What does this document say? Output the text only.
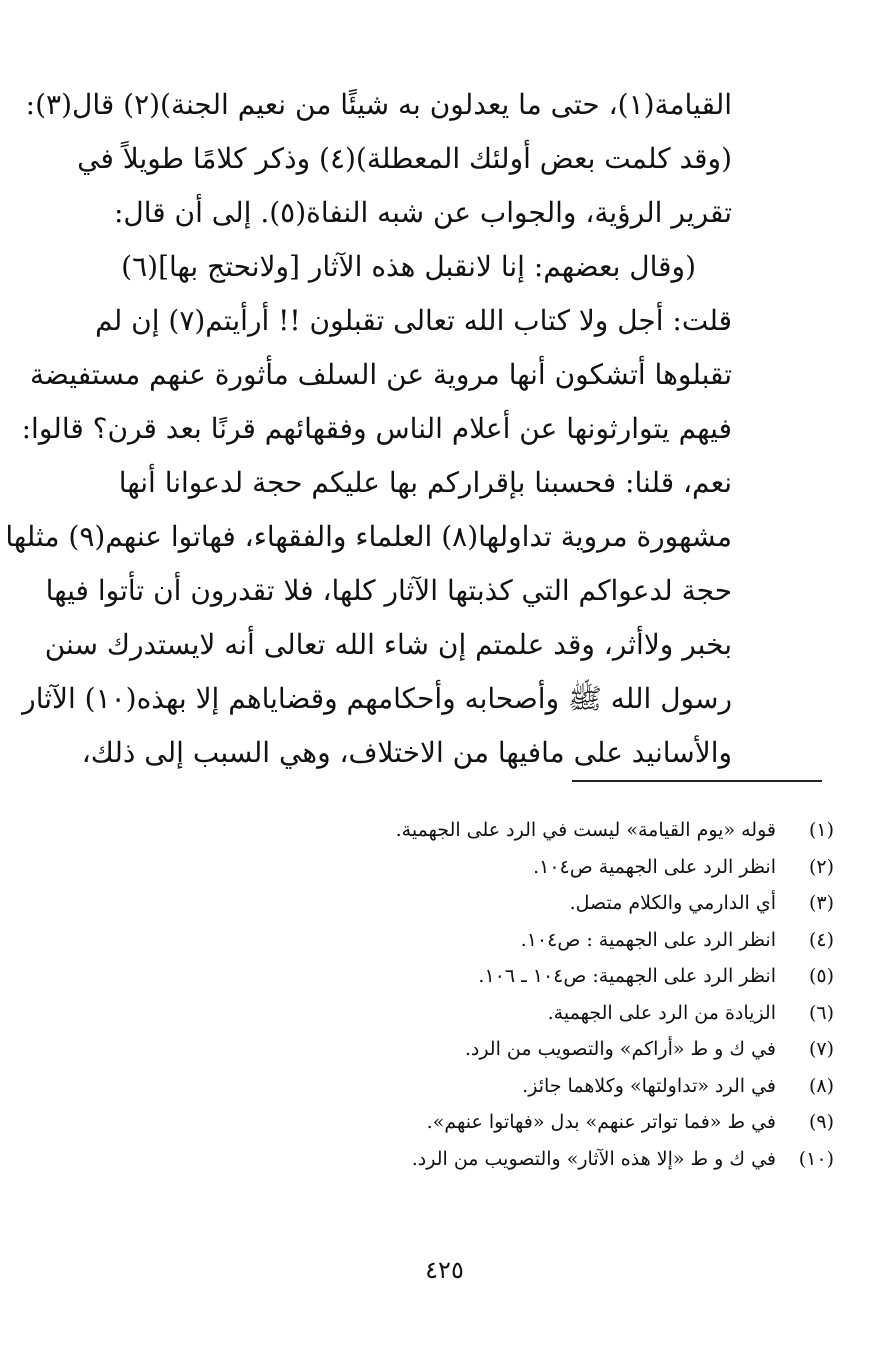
القيامة(١)، حتى ما يعدلون به شيئًا من نعيم الجنة)(٢) قال(٣):
(وقد كلمت بعض أولئك المعطلة)(٤) وذكر كلامًا طويلاً في
تقرير الرؤية، والجواب عن شبه النفاة(٥). إلى أن قال:
(وقال بعضهم: إنا لانقبل هذه الآثار [ولانحتج بها](٦)
قلت: أجل ولا كتاب الله تعالى تقبلون !! أرأيتم(٧) إن لم
تقبلوها أتشكون أنها مروية عن السلف مأثورة عنهم مستفيضة
فيهم يتوارثونها عن أعلام الناس وفقهائهم قرنًا بعد قرن؟ قالوا:
نعم، قلنا: فحسبنا بإقراركم بها عليكم حجة لدعوانا أنها
مشهورة مروية تداولها(٨) العلماء والفقهاء، فهاتوا عنهم(٩) مثلها
حجة لدعواكم التي كذبتها الآثار كلها، فلا تقدرون أن تأتوا فيها
بخبر ولاأثر، وقد علمتم إن شاء الله تعالى أنه لايستدرك سنن
رسول الله ﷺ وأصحابه وأحكامهم وقضاياهم إلا بهذه(١٠) الآثار
والأسانيد على مافيها من الاختلاف، وهي السبب إلى ذلك،
(١)
قوله «يوم القيامة» ليست في الرد على الجهمية.
(٢)
انظر الرد على الجهمية ص١٠٤.
(٣)
أي الدارمي والكلام متصل.
(٤)
انظر الرد على الجهمية : ص١٠٤.
(٥)
انظر الرد على الجهمية: ص١٠٤ ـ ١٠٦.
(٦)
الزيادة من الرد على الجهمية.
(٧)
في ك و ط «أراكم» والتصويب من الرد.
(٨)
في الرد «تداولتها» وكلاهما جائز.
(٩)
في ط «فما تواتر عنهم» بدل «فهاتوا عنهم».
(١٠)
في ك و ط «إلا هذه الآثار» والتصويب من الرد.
٤٢٥
